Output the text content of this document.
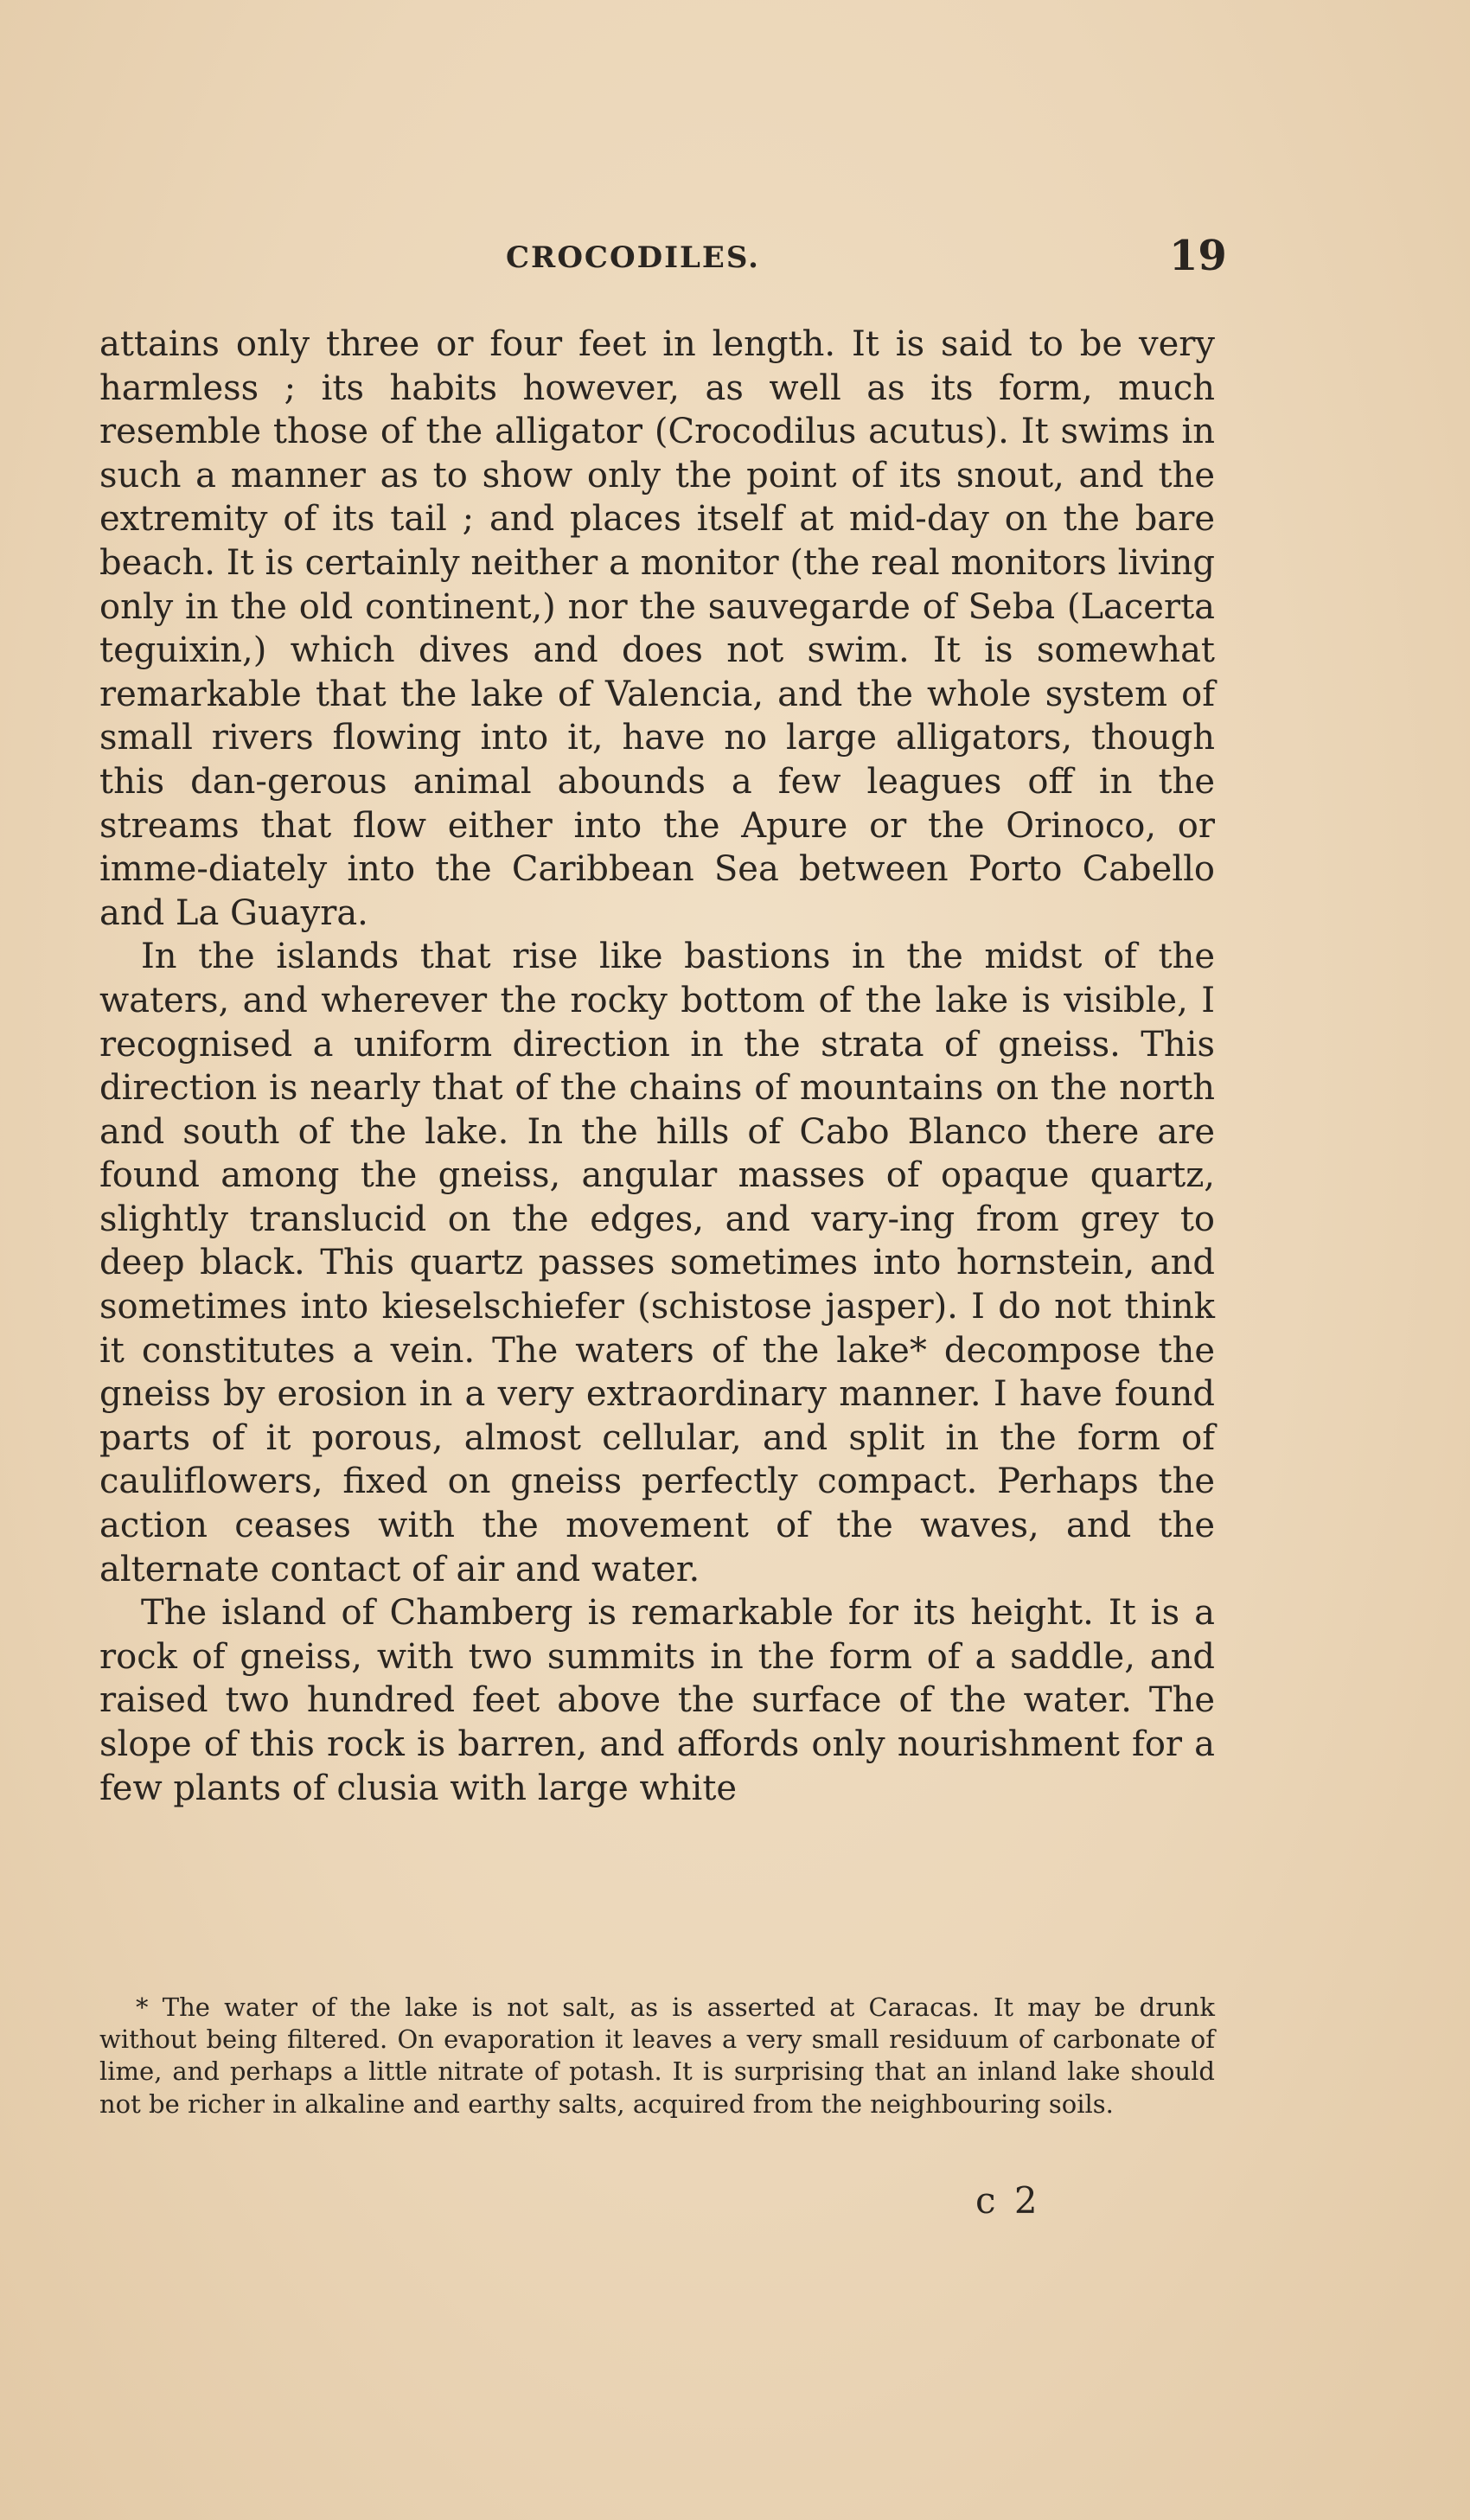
CROCODILES.	19

attains only three or four feet in length. It is said to be very harmless ; its habits however, as well as its form, much resemble those of the alligator (Crocodilus acutus). It swims in such a manner as to show only the point of its snout, and the extremity of its tail ; and places itself at mid-day on the bare beach. It is certainly neither a monitor (the real monitors living only in the old continent,) nor the sauvegarde of Seba (Lacerta teguixin,) which dives and does not swim. It is somewhat remarkable that the lake of Valencia, and the whole system of small rivers flowing into it, have no large alligators, though this dan-gerous animal abounds a few leagues off in the streams that flow either into the Apure or the Orinoco, or imme-diately into the Caribbean Sea between Porto Cabello and La Guayra.

In the islands that rise like bastions in the midst of the waters, and wherever the rocky bottom of the lake is visible, I recognised a uniform direction in the strata of gneiss. This direction is nearly that of the chains of mountains on the north and south of the lake. In the hills of Cabo Blanco there are found among the gneiss, angular masses of opaque quartz, slightly translucid on the edges, and vary-ing from grey to deep black. This quartz passes sometimes into hornstein, and sometimes into kieselschiefer (schistose jasper). I do not think it constitutes a vein. The waters of the lake* decompose the gneiss by erosion in a very extraordinary manner. I have found parts of it porous, almost cellular, and split in the form of cauliflowers, fixed on gneiss perfectly compact. Perhaps the action ceases with the movement of the waves, and the alternate contact of air and water.

The island of Chamberg is remarkable for its height. It is a rock of gneiss, with two summits in the form of a saddle, and raised two hundred feet above the surface of the water. The slope of this rock is barren, and affords only nourishment for a few plants of clusia with large white

* The water of the lake is not salt, as is asserted at Caracas. It may be drunk without being filtered. On evaporation it leaves a very small residuum of carbonate of lime, and perhaps a little nitrate of potash. It is surprising that an inland lake should not be richer in alkaline and earthy salts, acquired from the neighbouring soils.

c 2
